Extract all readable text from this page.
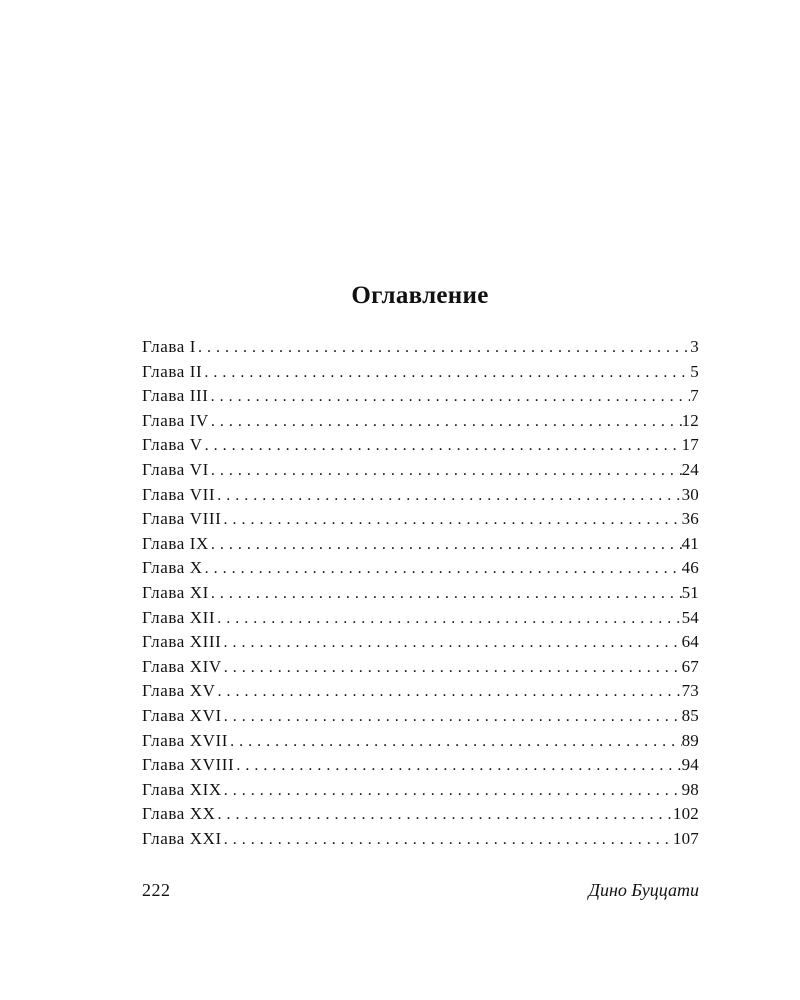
Оглавление
Глава I . . .	3
Глава II . . .	5
Глава III . . .	7
Глава IV . . .	12
Глава V . . .	17
Глава VI . . .	24
Глава VII . . .	30
Глава VIII . . .	36
Глава IX . . .	41
Глава X . . .	46
Глава XI . . .	51
Глава XII . . .	54
Глава XIII . . .	64
Глава XIV . . .	67
Глава XV . . .	73
Глава XVI . . .	85
Глава XVII . . .	89
Глава XVIII . . .	94
Глава XIX . . .	98
Глава XX . . .	102
Глава XXI . . .	107
222	Дино Буццати
